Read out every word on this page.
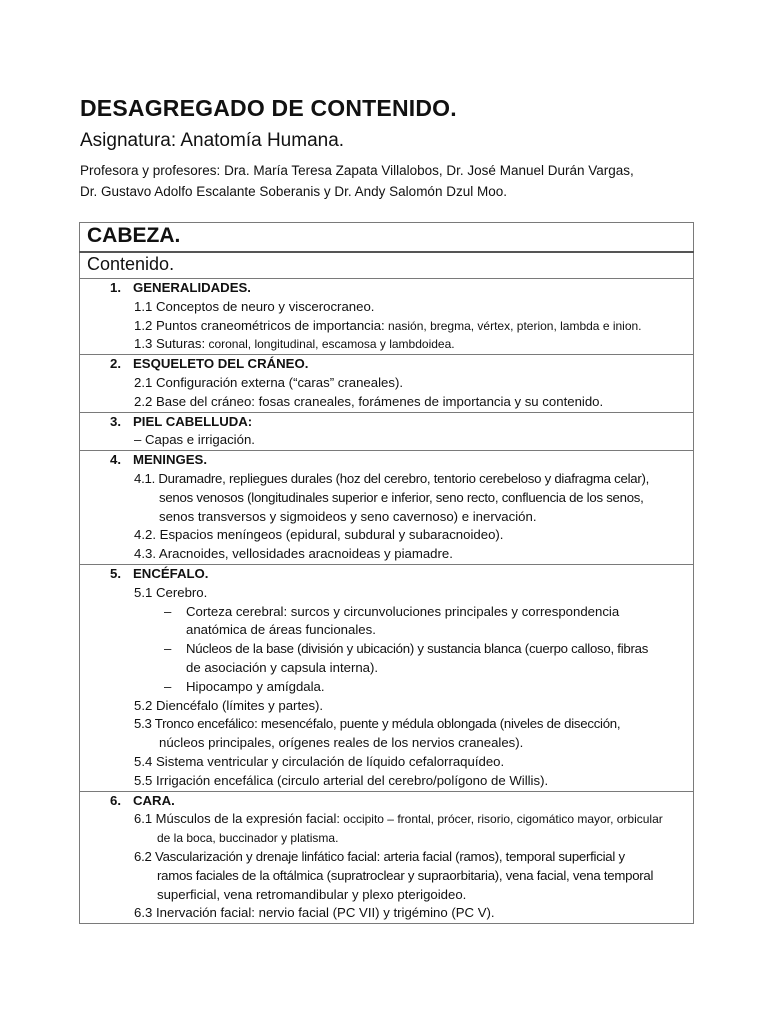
DESAGREGADO DE CONTENIDO.
Asignatura: Anatomía Humana.
Profesora y profesores: Dra. María Teresa Zapata Villalobos, Dr. José Manuel Durán Vargas,
Dr. Gustavo Adolfo Escalante Soberanis y Dr. Andy Salomón Dzul Moo.
CABEZA.
Contenido.

1. GENERALIDADES.
1.1 Conceptos de neuro y viscerocraneo.
1.2 Puntos craneométricos de importancia: nasión, bregma, vértex, pterion, lambda e inion.
1.3 Suturas: coronal, longitudinal, escamosa y lambdoidea.

2. ESQUELETO DEL CRÁNEO.
2.1 Configuración externa (“caras” craneales).
2.2 Base del cráneo: fosas craneales, forámenes de importancia y su contenido.

3. PIEL CABELLUDA:
– Capas e irrigación.

4. MENINGES.
4.1. Duramadre, repliegues durales (hoz del cerebro, tentorio cerebeloso y diafragma celar),
senos venosos (longitudinales superior e inferior, seno recto, confluencia de los senos,
senos transversos y sigmoideos y seno cavernoso) e inervación.
4.2. Espacios meníngeos (epidural, subdural y subaracnoideo).
4.3. Aracnoides, vellosidades aracnoideas y piamadre.

5. ENCÉFALO.
5.1 Cerebro.
–	Corteza cerebral: surcos y circunvoluciones principales y correspondencia
anatómica de áreas funcionales.
–	Núcleos de la base (división y ubicación) y sustancia blanca (cuerpo calloso, fibras
de asociación y capsula interna).
–	Hipocampo y amígdala.
5.2 Diencéfalo (límites y partes).
5.3 Tronco encefálico: mesencéfalo, puente y médula oblongada (niveles de disección,
núcleos principales, orígenes reales de los nervios craneales).
5.4 Sistema ventricular y circulación de líquido cefalorraquídeo.
5.5 Irrigación encefálica (circulo arterial del cerebro/polígono de Willis).

6. CARA.
6.1 Músculos de la expresión facial: occipito – frontal, prócer, risorio, cigomático mayor, orbicular
de la boca, buccinador y platisma.
6.2 Vascularización y drenaje linfático facial: arteria facial (ramos), temporal superficial y
ramos faciales de la oftálmica (supratroclear y supraorbitaria), vena facial, vena temporal
superficial, vena retromandibular y plexo pterigoideo.
6.3 Inervación facial: nervio facial (PC VII) y trigémino (PC V).
